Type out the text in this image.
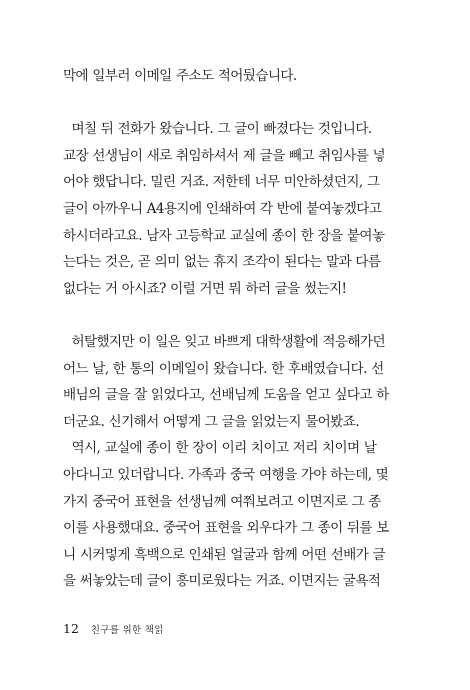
막에 일부러 이메일 주소도 적어뒀습니다.
며칠 뒤 전화가 왔습니다. 그 글이 빠졌다는 것입니다.
교장 선생님이 새로 취임하셔서 제 글을 빼고 취임사를 넣
어야 했답니다. 밀린 거죠. 저한테 너무 미안하셨던지, 그
글이 아까우니 A4용지에 인쇄하여 각 반에 붙여놓겠다고
하시더라고요. 남자 고등학교 교실에 종이 한 장을 붙여놓
는다는 것은, 곧 의미 없는 휴지 조각이 된다는 말과 다름
없다는 거 아시죠? 이럴 거면 뭐 하러 글을 썼는지!
허탈했지만 이 일은 잊고 바쁘게 대학생활에 적응해가던
어느 날, 한 통의 이메일이 왔습니다. 한 후배였습니다. 선
배님의 글을 잘 읽었다고, 선배님께 도움을 얻고 싶다고 하
더군요. 신기해서 어떻게 그 글을 읽었는지 물어봤죠.
역시, 교실에 종이 한 장이 이리 치이고 저리 치이며 날
아다니고 있더랍니다. 가족과 중국 여행을 가야 하는데, 몇
가지 중국어 표현을 선생님께 여쭤보려고 이면지로 그 종
이를 사용했대요. 중국어 표현을 외우다가 그 종이 뒤를 보
니 시커멓게 흑백으로 인쇄된 얼굴과 함께 어떤 선배가 글
을 써놓았는데 글이 흥미로웠다는 거죠. 이면지는 굴욕적
12 친구를 위한 책읽
